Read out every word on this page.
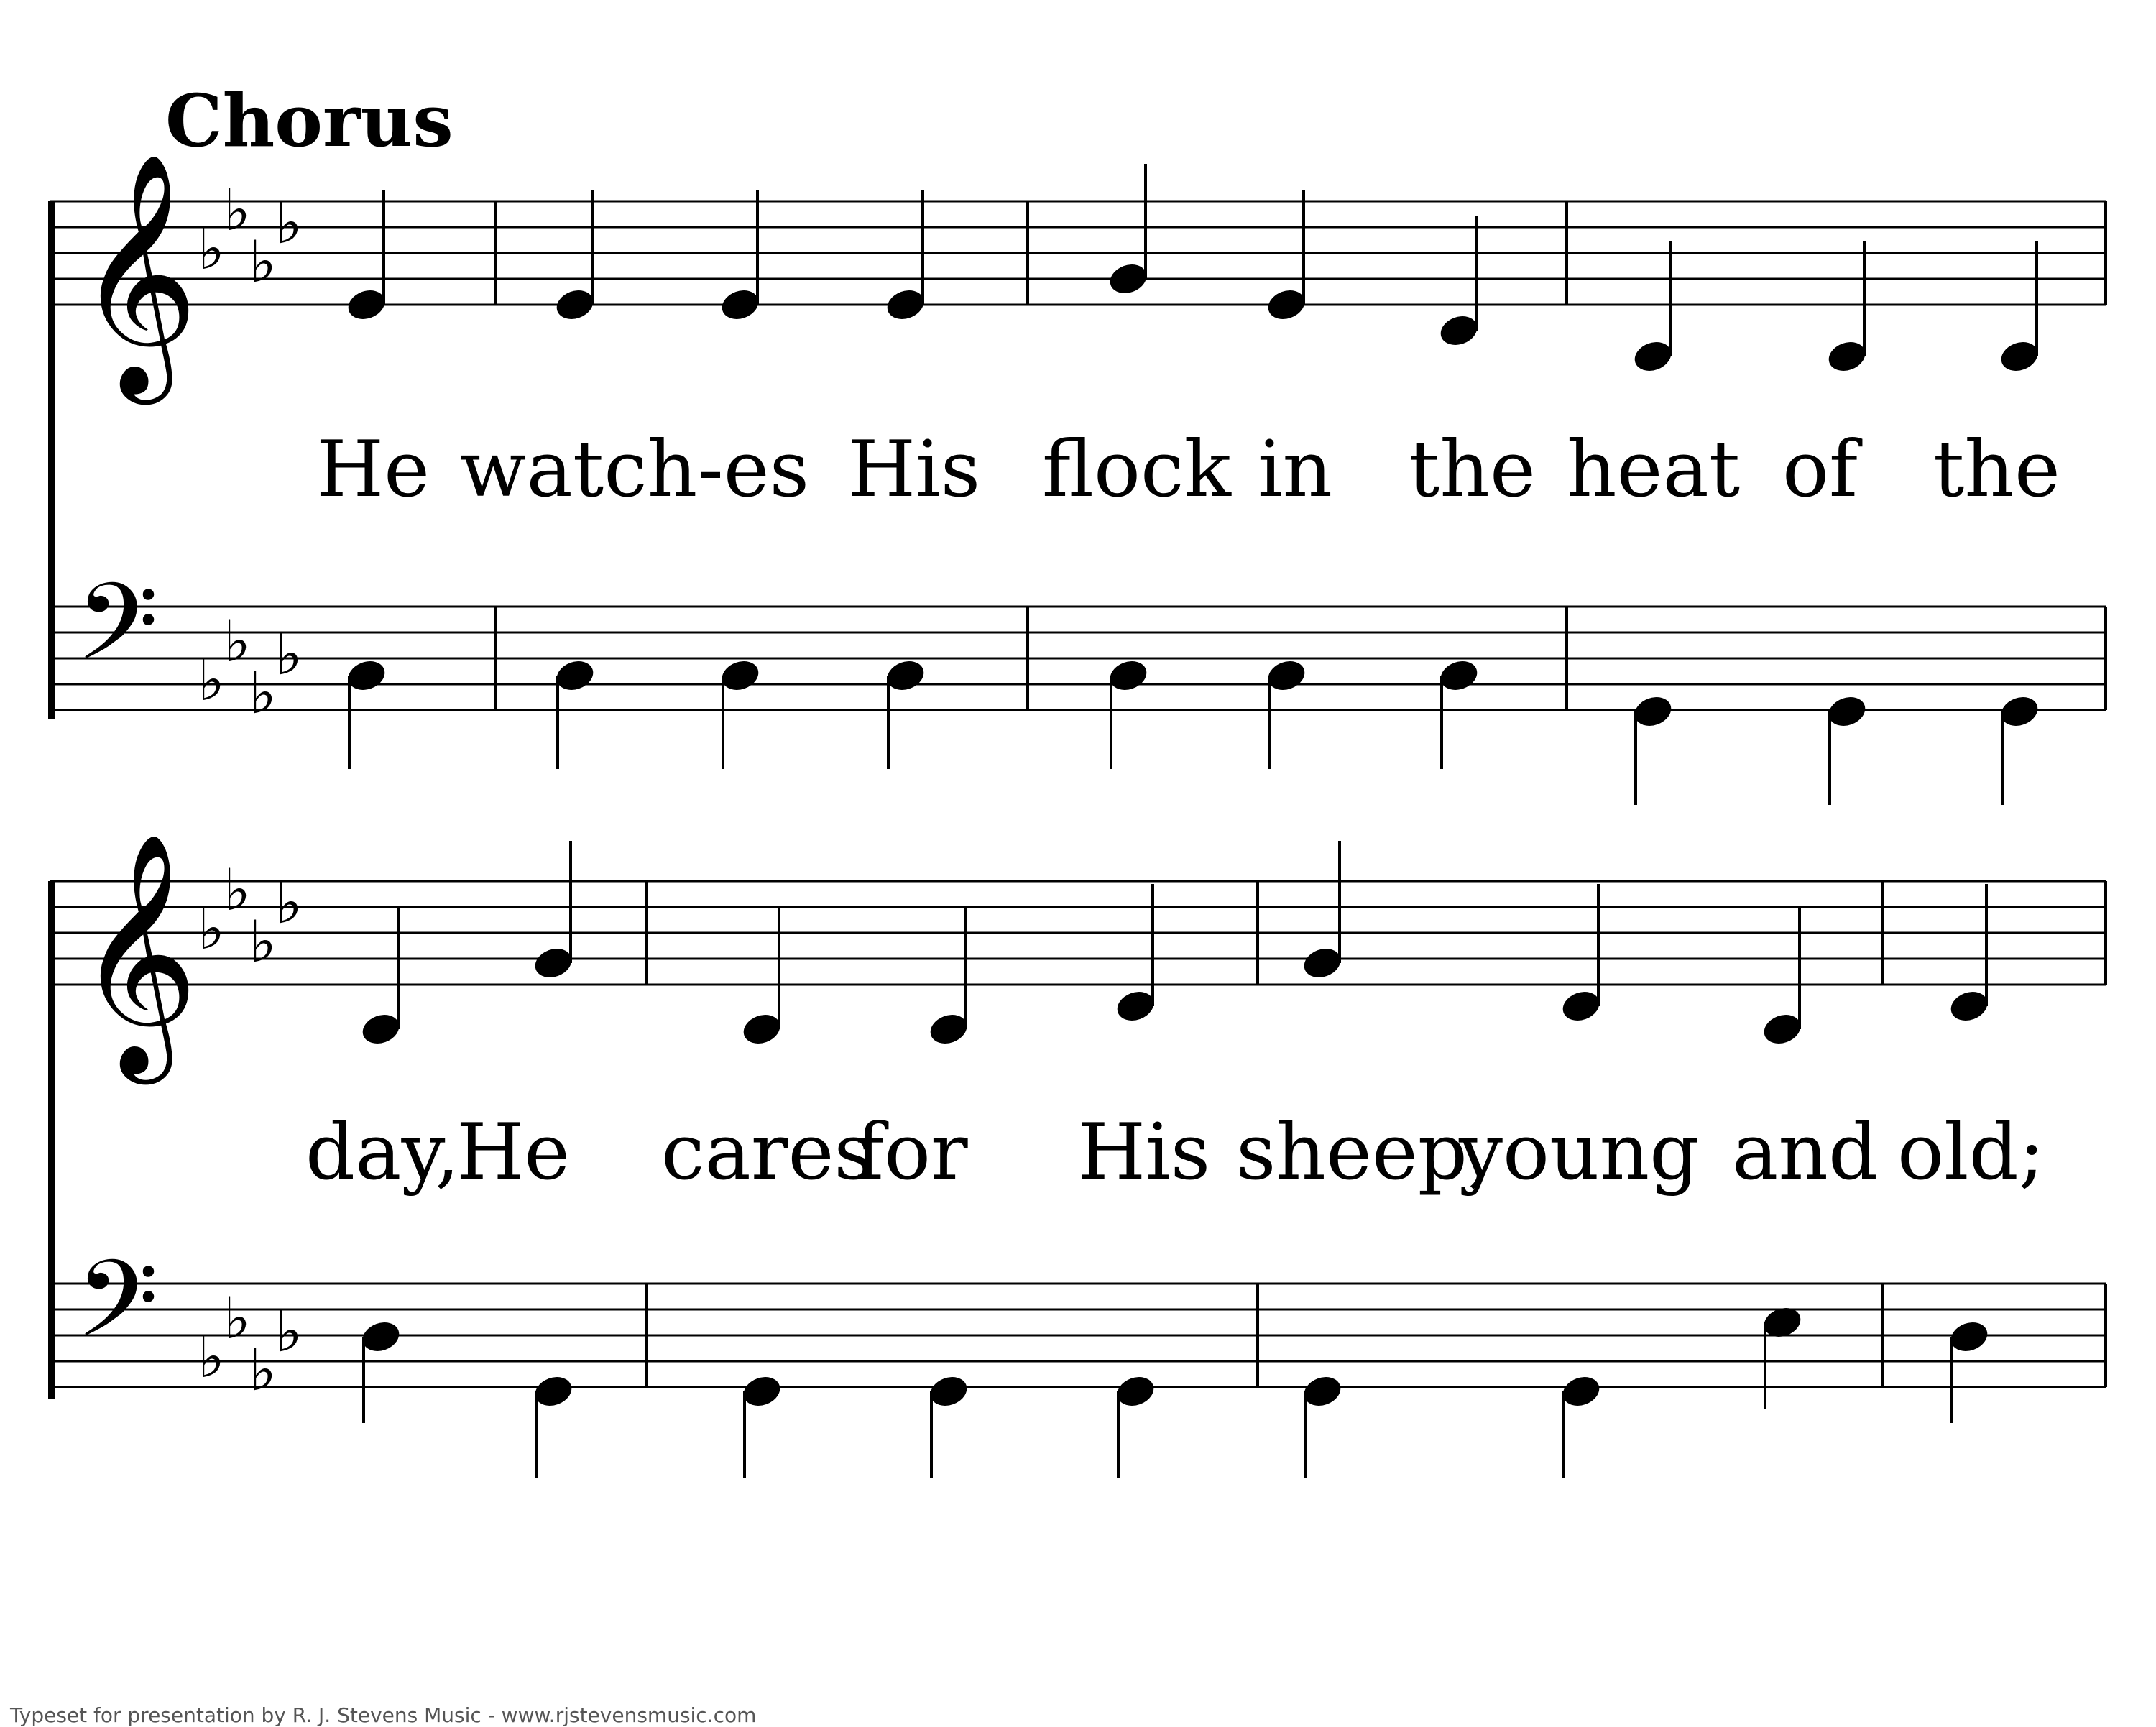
Chorus
𝄞
♭
♭
♭
♭
𝄢 ♭
♭
♭
♭
𝄞
♭
♭
♭
♭
𝄢 ♭
♭
♭
♭
He watch-es His flock in the heat of the
day,
He cares
for His sheep,
young and old;
Typeset for presentation by R. J. Stevens Music - www.rjstevensmusic.com
